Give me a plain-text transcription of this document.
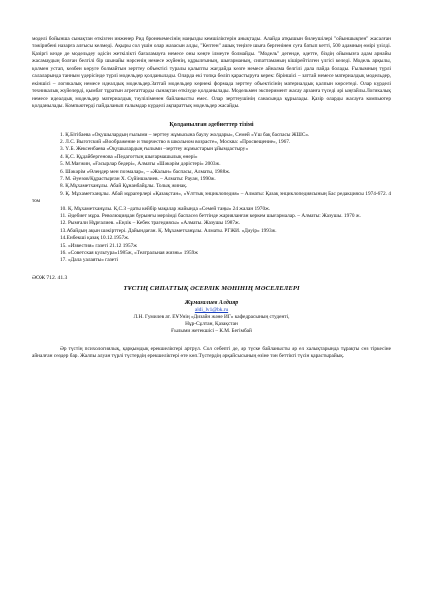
моделі бойынша сынақтан өткізген инженер Рид бронекемесінің маңызды кемшіліктерін анықтады. Алайда атқышын билеушілері "ойыншықпен" жасалған тәжірибені назарға алғысы келмеді. Ақыры сол үшін олар жазасын алды, "Кептен" ашық теңізге шыға бергенінен суға батып кетті, 500 адамның өмірі үзілді. Қазіргі кезде де модельдеу әдісін жеткілікті бағаламауға немесе оны көңге ілмеуге болмайды. "Модель" дегенде, әдетте, біздің ойымызға адам арнайы жасамаудың болған белгілі бір шынайы нәрсенің немесе жүйенің, құрылғының, шығарманың, сипаттаманың кішірейтілген үлгісі келеді. Модель арқылы, қолмен устап, көзбен көруге болмайтын зерттеу объектісі туралы қалыпты жағдайда көзге немесе айналма белгілі дала пайда болады. Ғылымның түрлі салаларында танным үдерісінде түрлі модельдер қолданылады. Оларда екі топқа бөліп қарастыруға керек: біріншісі – заттай немесе материалдық модельдер, екіншісі – логикалық немесе идеалдық модельдер.Заттай модельдер көрнекі формада зерттеу объектісінің материалдық қалпын көрсетеді. Олар күрделі техникалық жүйелерді, қымбат тұратын агрегаттарды сынақтан өткізуде қолданылады. Модельмен эксперимент жасау арзанға түседі әрі ыңғайлы.Логикалық немесе идеалдық модельдер материалдық тәуліліменен байланысты емес. Олар зерттеушінің санасында құрылады. Қазір оларды жасауға компьютер қолданылады. Компьютерді пайдаланып ғалымдар күрделі ақпараттық модельдер жасайды.

Қолданылған әдебиеттер тізімі
1. Қ.Бітібаева «Оқушылардың ғылыми – зерттеу жұмысына баулу жолдары», Семей «Үш бақ баспасы ЖШС».
2. Л.С. Выготский «Воображение и творчество в школьном возрасте», Москва: «Просвещение», 1967.
3. Ү.Б. Жексенбаева «Оқушылардың ғылыми –зерттеу жұмыстарын ұйымдастыру»
4. Қ.С. Құдайбергенова «Педагогтың шығармашылық өнері»
5. М.Мағжин, «Ғасырлар бедері», Алматы «Шәкәрім дәрістері» 2003ж.
6. Шәкәрім «Өлеңдер мен поэмалар», – «Жалын» баспасы, Алматы, 1988ж.
7. М. Әуезов/Құрастырған Х. Сүйіншәлиев. – Алматы: Рауан, 1990ж.
8. Қ.Мұхаметханұлы. Абай Құнанбайұлы. Толық жинақ.
9. Қ. Мұхаметханұлы. Абай мұрагерлері «Қазақстан», «Ұлттық энциклопедия» – Алматы: Қазақ энциклопедиясының Бас редакциясы 1974-672. 4 том
10. Қ. Мұхаметханұлы. Қ.С.З –даты кейбір мақалар жайында «Семей таңы» 24 жалан 1970ж.
11. Әдебиет мұра. Революциядан бурынғы мерзімді баспасөз беттінде жарияланған керкем шығармалар. – Алматы: Жазушы. 1970 ж.
12. Рымғали Нұрғалиев. «Еңлік – Кебек трагедиясы» «Алматы. Жазушы 1987ж.
13.Абайдың ақын шәкірттері. Дайындаған. Қ. Мұхаметханұлы. Алматы. РГЖИ. «Дәуір» 1993ж.
14.Енбекші қазақ 10.12.1957ж.
15. «Известия» газеті 21.12 1957ж
16. «Советская культура»1985ж, «Театральная жизнь» 1959ж
17. «Дала уалаяты» газеті
ӘОЖ 712. 41.3
ТҰСТІҢ СИПАТТЫҚ ӘСЕРЛІК МӘНІНІҢ МӘСЕЛЕЛЕРІ
Жұмағалиев Алдияр

aldi_lv1@bk.ru

Л.Н. Гумилев ат. ЕҰУнің «Дизайн және ИГ» кафедрасының студенті,

Нұр-Сұлтан, Қазақстан

Ғылыми жетекшісі – К.М. Бегімбай

Әр түстің психологиялық, қарқымдық ерекшеліктері артрүл. Сол себепті де, әр түске байланысты әр ел халықтарында тұрақты сөз тіркесіне айналған сөздер бар. Жалпы алуан түрлі түстердің ерекшеліктері өте көп.Түстердің әрқайсысының өзіне тән беттікті түсін қарастырайық.
